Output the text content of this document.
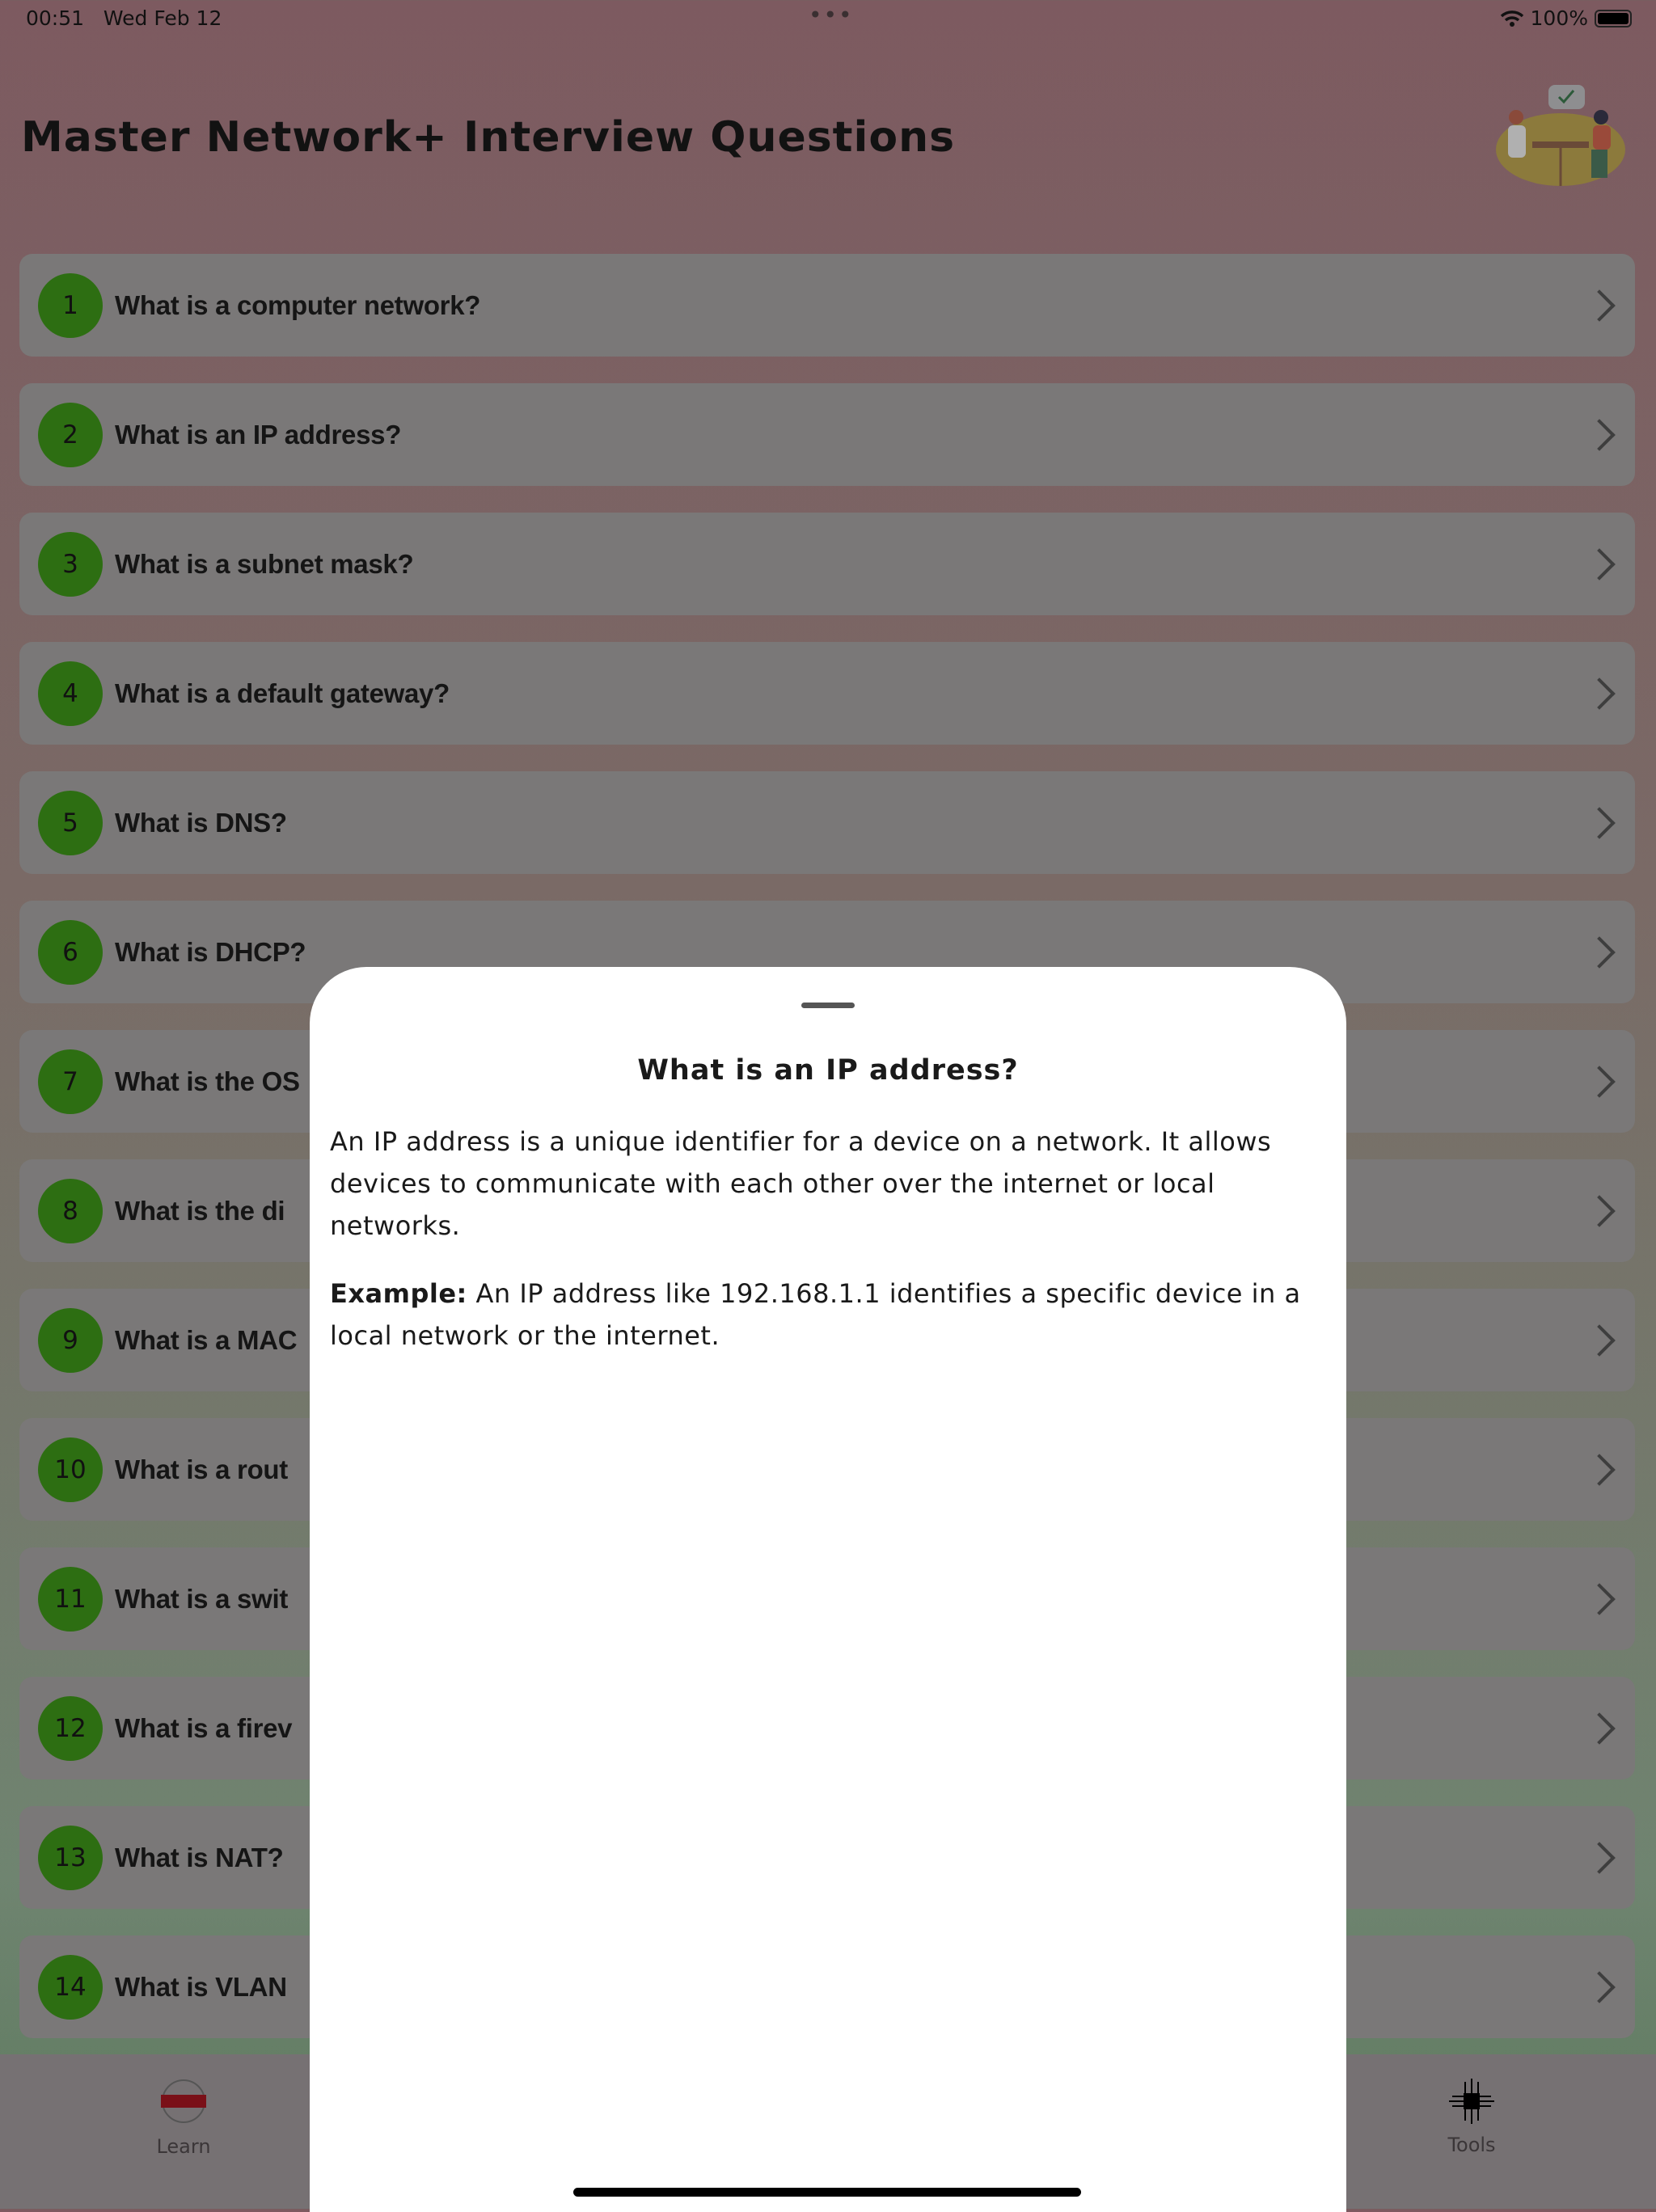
00:51 Wed Feb 12	•••	100%
Master Network+ Interview Questions
1	What is a computer network?
2	What is an IP address?
3	What is a subnet mask?
4	What is a default gateway?
5	What is DNS?
6	What is DHCP?
7	What is the OS
8	What is the di
9	What is a MAC
10	What is a rout
11	What is a swit
12	What is a firev
13	What is NAT?
14	What is VLAN
Learn	Tools
What is an IP address?

An IP address is a unique identifier for a device on a network. It allows devices to communicate with each other over the internet or local networks.

Example: An IP address like 192.168.1.1 identifies a specific device in a local network or the internet.
